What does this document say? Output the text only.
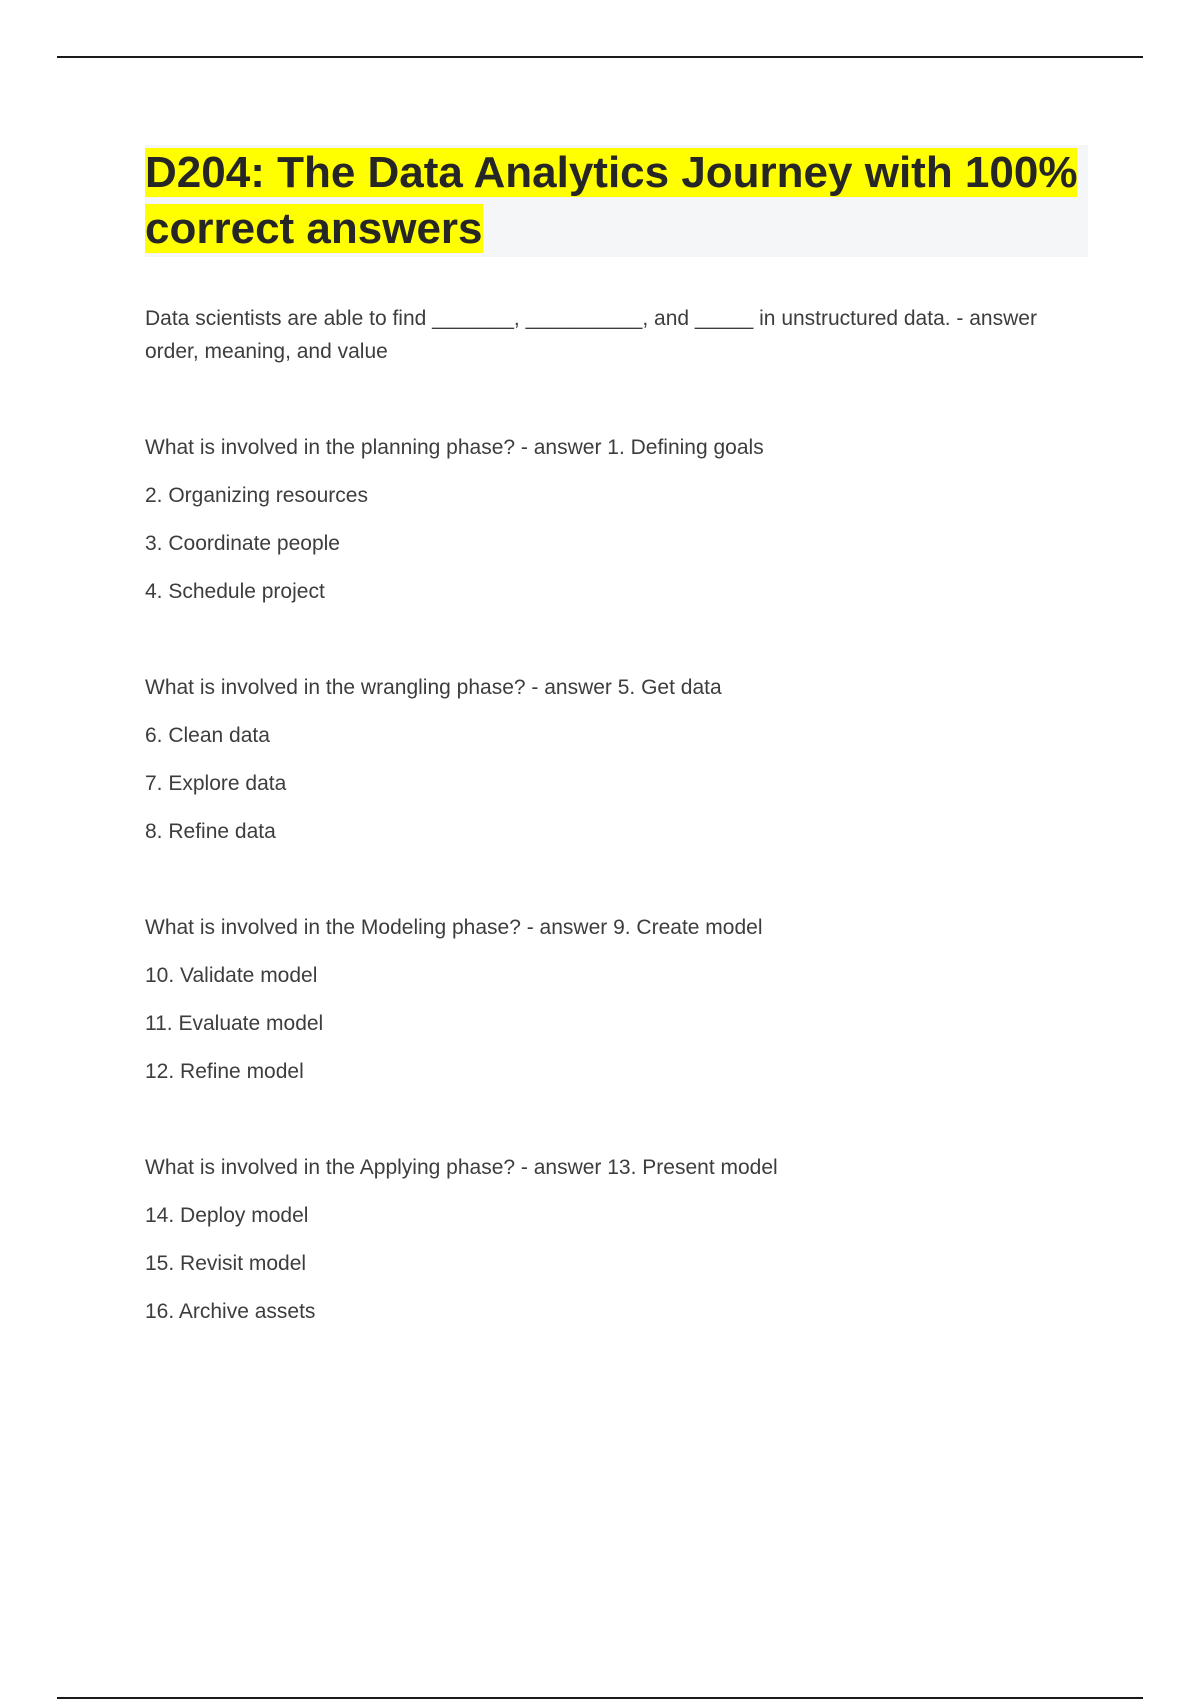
D204: The Data Analytics Journey with 100% correct answers

Data scientists are able to find _______, __________, and _____ in unstructured data. - answer order, meaning, and value

What is involved in the planning phase? - answer 1. Defining goals

2. Organizing resources

3. Coordinate people

4. Schedule project

What is involved in the wrangling phase? - answer 5. Get data

6. Clean data

7. Explore data

8. Refine data

What is involved in the Modeling phase? - answer 9. Create model

10. Validate model

11. Evaluate model

12. Refine model

What is involved in the Applying phase? - answer 13. Present model

14. Deploy model

15. Revisit model

16. Archive assets
